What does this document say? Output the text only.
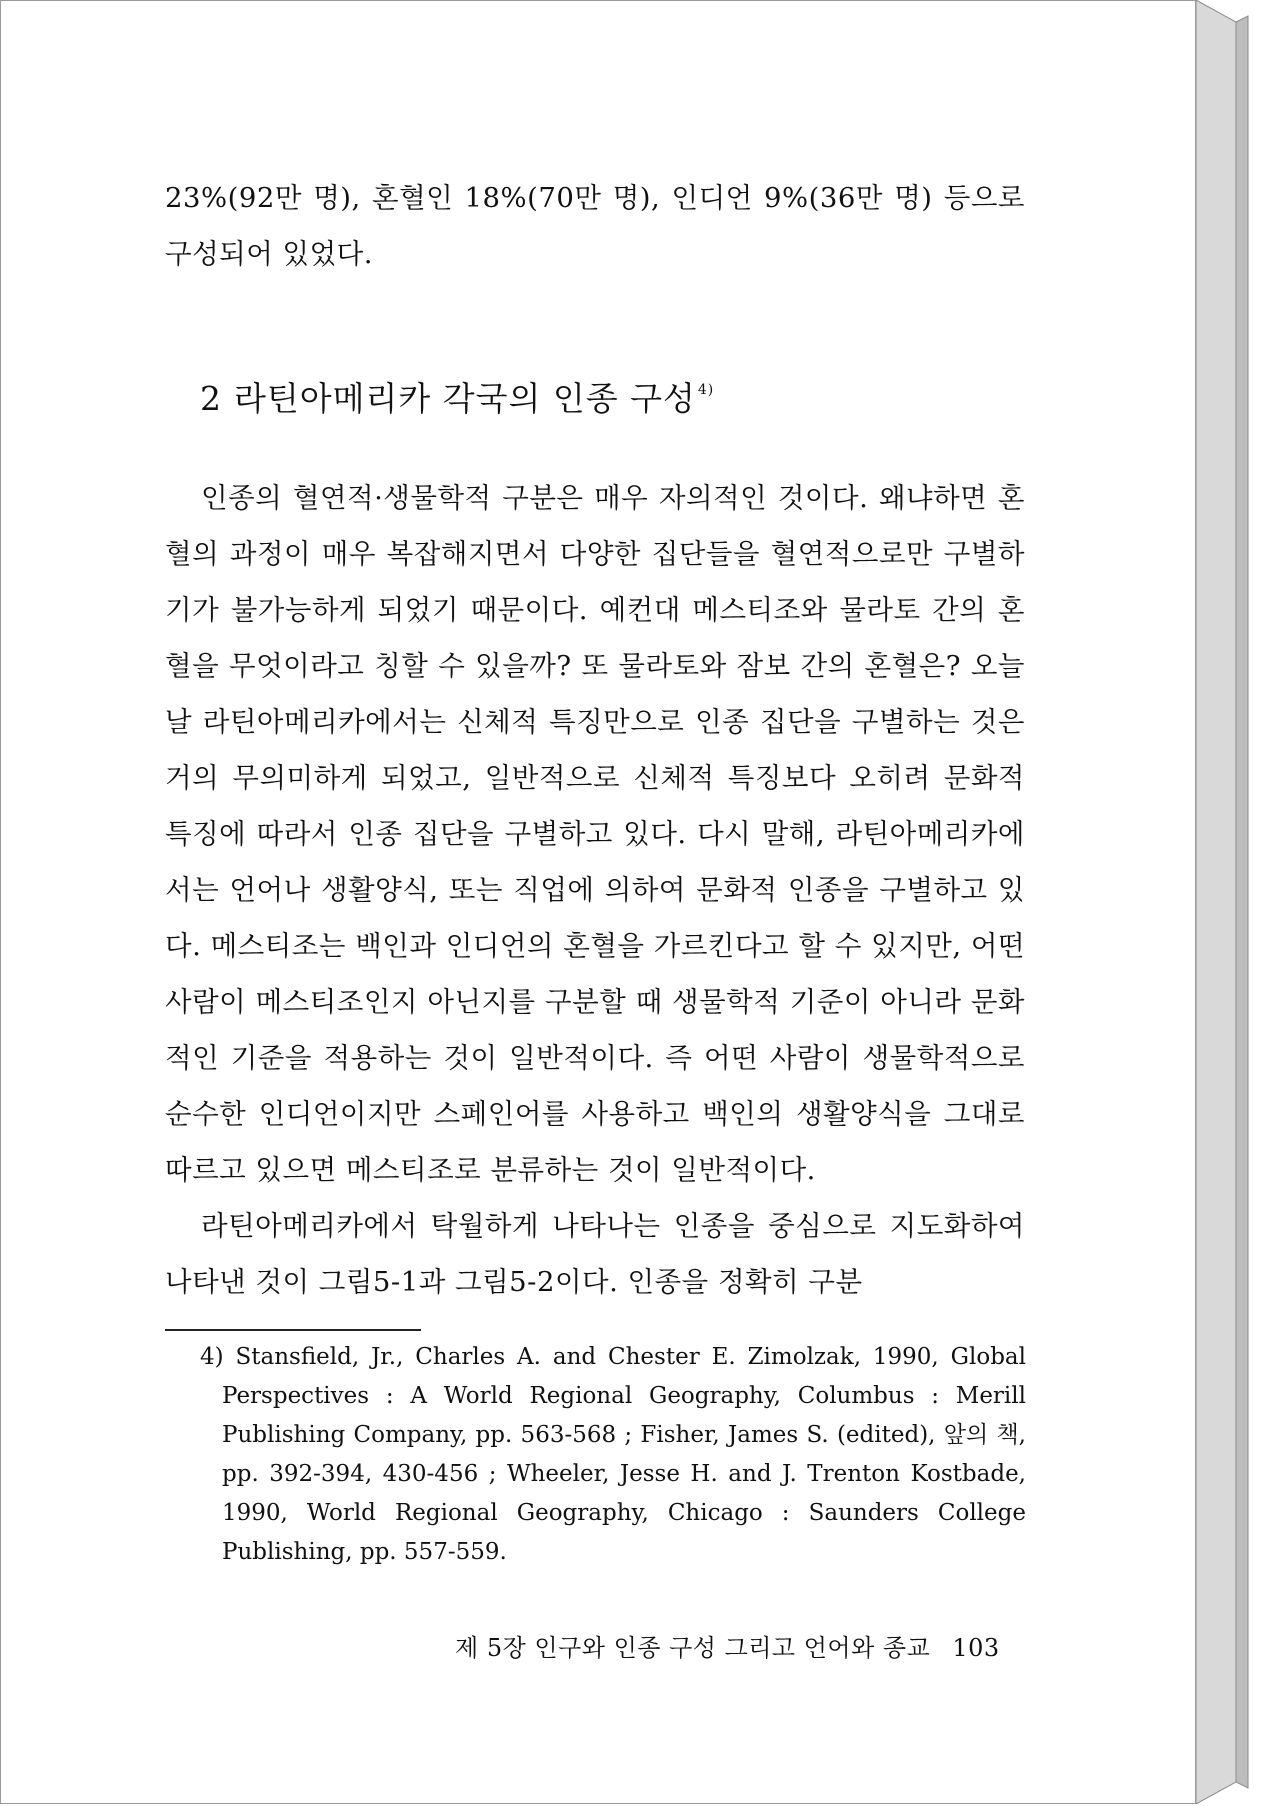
23%(92만 명), 혼혈인 18%(70만 명), 인디언 9%(36만 명) 등으로 구성되어 있었다.

2 라틴아메리카 각국의 인종 구성 $^{4)}$

인종의 혈연적·생물학적 구분은 매우 자의적인 것이다. 왜냐하면 혼혈의 과정이 매우 복잡해지면서 다양한 집단들을 혈연적으로만 구별하기가 불가능하게 되었기 때문이다. 예컨대 메스티조와 물라토 간의 혼혈을 무엇이라고 칭할 수 있을까? 또 물라토와 잠보 간의 혼혈은? 오늘날 라틴아메리카에서는 신체적 특징만으로 인종 집단을 구별하는 것은 거의 무의미하게 되었고, 일반적으로 신체적 특징보다 오히려 문화적 특징에 따라서 인종 집단을 구별하고 있다. 다시 말해, 라틴아메리카에서는 언어나 생활양식, 또는 직업에 의하여 문화적 인종을 구별하고 있다. 메스티조는 백인과 인디언의 혼혈을 가르킨다고 할 수 있지만, 어떤 사람이 메스티조인지 아닌지를 구분할 때 생물학적 기준이 아니라 문화적인 기준을 적용하는 것이 일반적이다. 즉 어떤 사람이 생물학적으로 순수한 인디언이지만 스페인어를 사용하고 백인의 생활양식을 그대로 따르고 있으면 메스티조로 분류하는 것이 일반적이다.

라틴아메리카에서 탁월하게 나타나는 인종을 중심으로 지도화하여 나타낸 것이 그림5-1과 그림5-2이다. 인종을 정확히 구분

4) Stansfield, Jr., Charles A. and Chester E. Zimolzak, 1990, Global Perspectives : A World Regional Geography, Columbus : Merill Publishing Company, pp. 563-568 ; Fisher, James S. (edited), 앞의 책, pp. 392-394, 430-456 ; Wheeler, Jesse H. and J. Trenton Kostbade, 1990, World Regional Geography, Chicago : Saunders College Publishing, pp. 557-559.
제 5장 인구와 인종 구성 그리고 언어와 종교 103
